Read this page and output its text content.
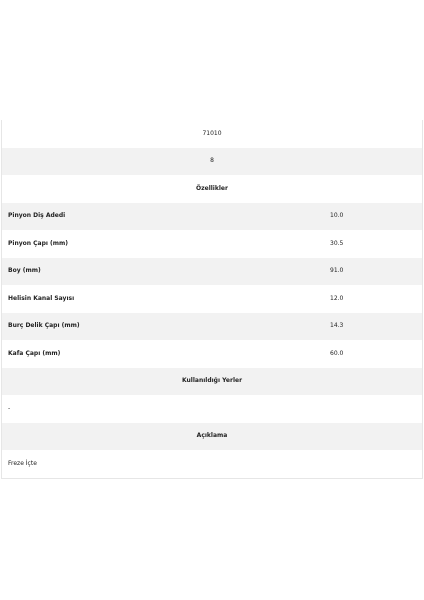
71010
8
Özellikler
Pinyon Diş Adedi	10.0
Pinyon Çapı (mm)	30.5
Boy (mm)	91.0
Helisin Kanal Sayısı	12.0
Burç Delik Çapı (mm)	14.3
Kafa Çapı (mm)	60.0
Kullanıldığı Yerler
-
Açıklama
Freze İçte
